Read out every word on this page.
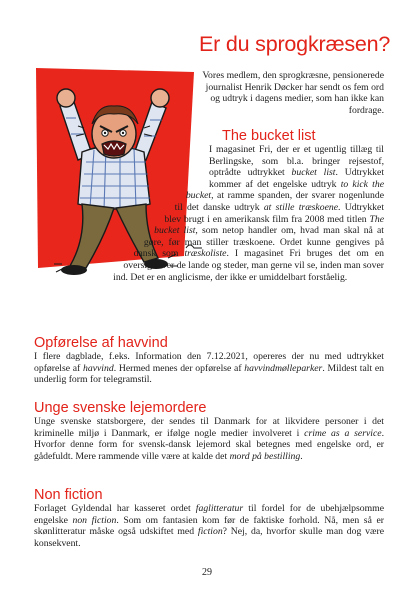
Er du sprogkræsen?

Vores medlem, den sprogkræsne, pensionerede journalist Henrik Døcker har sendt os fem ord og udtryk i dagens medier, som han ikke kan fordrage.

The bucket list

I magasinet Fri, der er et ugentlig tillæg til Berlingske, som bl.a. bringer rejsestof, optrådte udtrykket bucket list. Udtrykket kommer af det engelske udtryk to kick the bucket, at ramme spanden, der svarer nogenlunde til det danske udtryk at stille træskoene. Udtrykket blev brugt i en amerikansk film fra 2008 med titlen The bucket list, som netop handler om, hvad man skal nå at gøre, før man stiller træskoene. Ordet kunne gengives på dansk som træskoliste. I magasinet Fri bruges det om en oversigt over de lande og steder, man gerne vil se, inden man sover ind. Det er en anglicisme, der ikke er umiddelbart forståelig.

Opførelse af havvind

I flere dagblade, f.eks. Information den 7.12.2021, opereres der nu med udtrykket opførelse af havvind. Hermed menes der opførelse af havvindmølleparker. Mildest talt en underlig form for telegramstil.

Unge svenske lejemordere

Unge svenske statsborgere, der sendes til Danmark for at likvidere personer i det kriminelle miljø i Danmark, er ifølge nogle medier involveret i crime as a service. Hvorfor denne form for svensk-dansk lejemord skal betegnes med engelske ord, er gådefuldt. Mere rammende ville være at kalde det mord på bestilling.

Non fiction

Forlaget Gyldendal har kasseret ordet faglitteratur til fordel for de ubehjælpsomme engelske non fiction. Som om fantasien kom før de faktiske forhold. Nå, men så er skønlitteratur måske også udskiftet med fiction? Nej, da, hvorfor skulle man dog være konsekvent.

29
